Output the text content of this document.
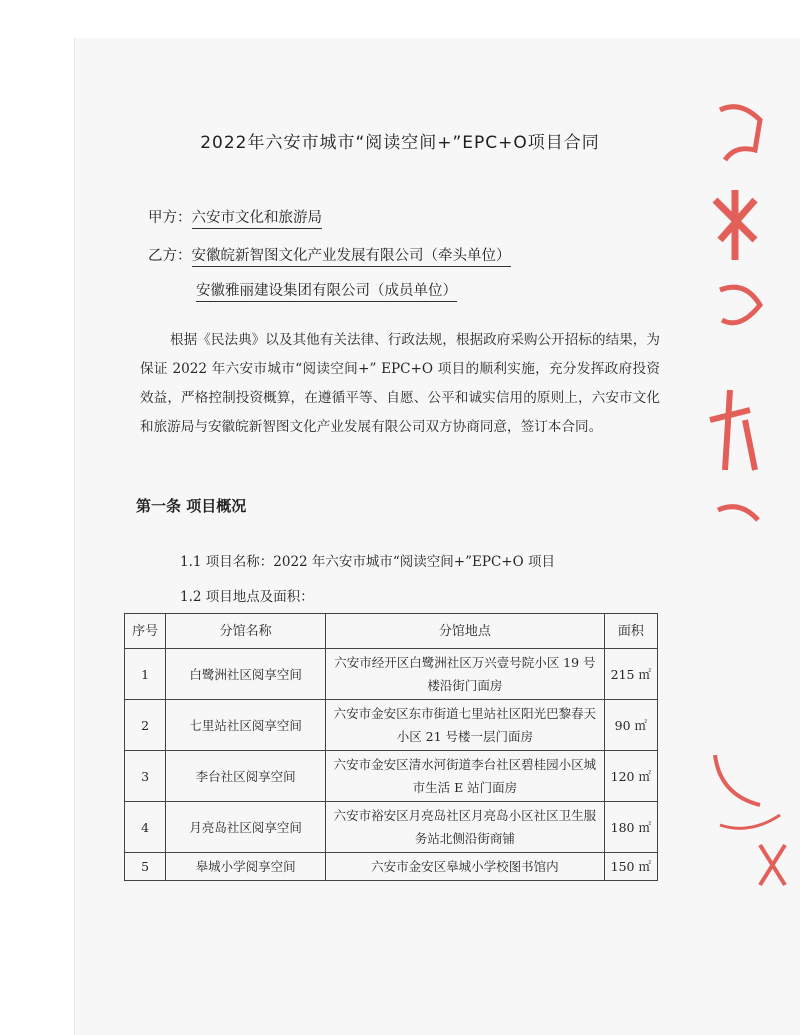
2022年六安市城市“阅读空间+”EPC+O项目合同
甲方：六安市文化和旅游局
乙方：安徽皖新智图文化产业发展有限公司（牵头单位）
安徽雅丽建设集团有限公司（成员单位）
根据《民法典》以及其他有关法律、行政法规，根据政府采购公开招标的结果，为保证 2022 年六安市城市“阅读空间+” EPC+O 项目的顺利实施，充分发挥政府投资效益，严格控制投资概算，在遵循平等、自愿、公平和诚实信用的原则上，六安市文化和旅游局与安徽皖新智图文化产业发展有限公司双方协商同意，签订本合同。
第一条 项目概况
1.1 项目名称：2022 年六安市城市“阅读空间+”EPC+O 项目
1.2 项目地点及面积：
序号	分馆名称	分馆地点	面积
1	白鹭洲社区阅享空间	六安市经开区白鹭洲社区万兴壹号院小区 19 号楼沿街门面房	215 ㎡
2	七里站社区阅享空间	六安市金安区东市街道七里站社区阳光巴黎春天小区 21 号楼一层门面房	90 ㎡
3	李台社区阅享空间	六安市金安区清水河街道李台社区碧桂园小区城市生活 E 站门面房	120 ㎡
4	月亮岛社区阅享空间	六安市裕安区月亮岛社区月亮岛小区社区卫生服务站北侧沿街商铺	180 ㎡
5	皋城小学阅享空间	六安市金安区皋城小学校图书馆内	150 ㎡
